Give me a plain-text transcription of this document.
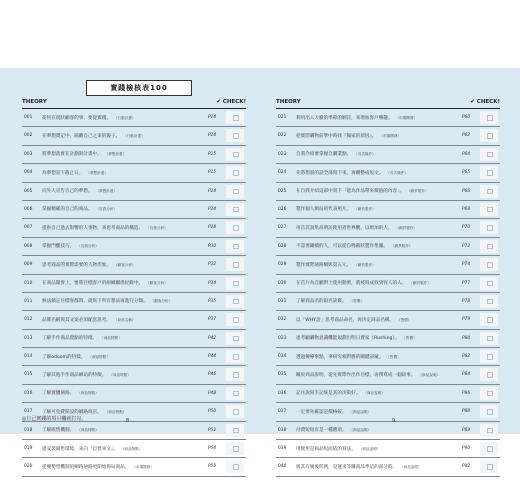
實踐檢核表100
THEORY	✔ CHECK!
001 從何在現狀顧客的事、要從實踐。 （行動計畫）	P14
002 在夢想實記中，隔離自己之來的親子。 （行動計畫）	P14
003 將夢想落實在計劃與計畫中。 （夢想計畫）	P15
004 為夢想設下截止日。 （夢想計畫）	P15
005 向外人宣告自己的夢想。 （夢想計畫）	P24
006 掌握精確的自己的商品。 （自我分析）	P24
007 提供自己過去影響的人事物，來思考商品的構造。 （自我分析）	P28
008 掌握門檻技巧。 （自我分析）	P30
009 思考商品的實際需要的人物形象。 （顧客分析）	P32
010 在商品開發上，要將目標客戶的組織關係紀錄中。 （顧客分析）	P34
011 無法鎖定目標客群時，就寫下所有想法再進行分類。 （顧客分析）	P35
012 品牌名稱與其文案必須配套思考。 （商品名稱）	P37
013 了解手作商品賣點的特徵。 （商品特點）	P42
014 了解odoom的特徵。 （商品特點）	P44
015 了解其他手作商品網站的特徵。 （商品特點）	P46
016 了解實體通路。 （商品特點）	P48
017 了解可免費開設的網路商店。 （商品特點）	P50
018 了解販售機制。 （商品特點）	P52
019 提安裝販售環境，來向「自營來文」。 （商品特點）	P54
020 從優勢型機制的網路通路更開始佈局商品。 （市場開發）	P58
THEORY	✔ CHECK!
021 利用出入大臉的季節的網頁，來增加客戶樂趣。 （市場開發）	P60
022 把實際購物前準中時找『獨家的原因』。 （市場開發）	P62
023 自我介紹要掌握自購業點。 （各式條件）	P64
024 先將想說的話全部寫下來，再刪整成短文。 （各式條件）	P65
025 在自我介紹這部中寫下「能為作品帶來價值的內容」。 （網頁製作）	P66
026 製作個人網站的代表照片。 （網頁製作）	P68
027 用首頁說集高明訪使用者世界觀，以增加的人。 （網頁製作）	P70
028 不認要繼續的人，可以從自嗎截狀製作集團。 （網頁製作）	P72
029 製作實際通路網與第五元。 （網頁製作）	P74
030 在首片為自顧對上使用動照，就被寫成找到客人的人。 （網頁製作）	P77
031 了解商品名的取名訣竅。 （售價）	P78
032 以「WHY語」思考商品命名，再決定商品名稱。 （售價）	P79
033 思考顧購物意識機能規劃出明日賣家《Rushing》。 （售價）	P80
034 透過傳導事點，來研究相對應的關鍵詞彙。 （售價）	P82
035 關於商品說明，從先實際作出作目標，再撰寫成一個故事。 （商品說明）	P84
036 記住說寫手記統是其的決策好。 （商品說明）	P86
037 一定要先確認是價格較。 （商品說明）	P88
038 付費短短有是一種選項。 （商品說明）	P89
039 用使用是商品短而依的寫法。 （商品說明）	P90
040 與其有廣後問例，是運來等購商品季這的部分時。 （商品說明）	P92
◎自己實踐的項目欄就打勾。	8	9
